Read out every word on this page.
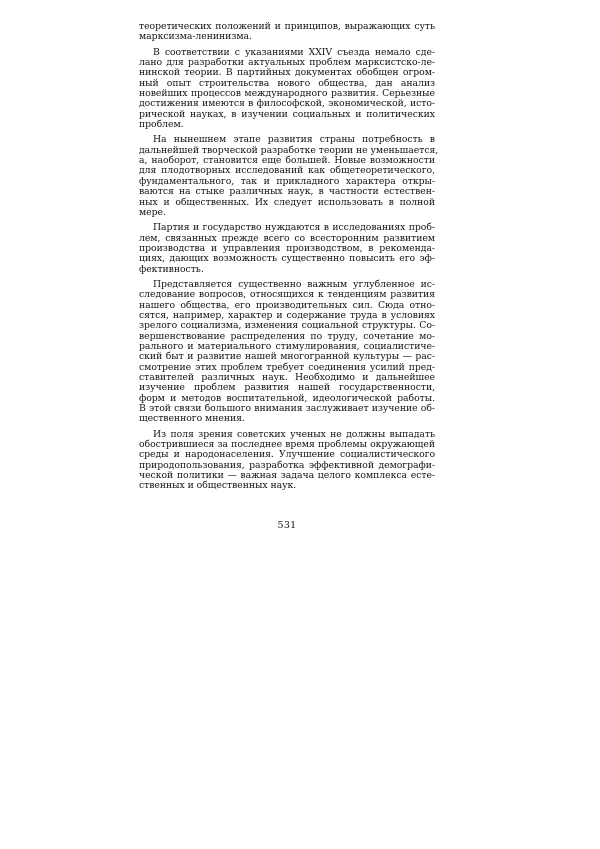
теоретических положений и принципов, выражающих суть
марксизма-ленинизма.
В соответствии с указаниями XXIV съезда немало сде-
лано для разработки актуальных проблем марксистско-ле-
нинской теории. В партийных документах обобщен огром-
ный опыт строительства нового общества, дан анализ
новейших процессов международного развития. Серьезные
достижения имеются в философской, экономической, исто-
рической науках, в изучении социальных и политических
проблем.
На нынешнем этапе развития страны потребность в
дальнейшей творческой разработке теории не уменьшается,
а, наоборот, становится еще большей. Новые возможности
для плодотворных исследований как общетеоретического,
фундаментального, так и прикладного характера откры-
ваются на стыке различных наук, в частности естествен-
ных и общественных. Их следует использовать в полной
мере.
Партия и государство нуждаются в исследованиях проб-
лем, связанных прежде всего со всесторонним развитием
производства и управления производством, в рекоменда-
циях, дающих возможность существенно повысить его эф-
фективность.
Представляется существенно важным углубленное ис-
следование вопросов, относящихся к тенденциям развития
нашего общества, его производительных сил. Сюда отно-
сятся, например, характер и содержание труда в условиях
зрелого социализма, изменения социальной структуры. Со-
вершенствование распределения по труду, сочетание мо-
рального и материального стимулирования, социалистиче-
ский быт и развитие нашей многогранной культуры — рас-
смотрение этих проблем требует соединения усилий пред-
ставителей различных наук. Необходимо и дальнейшее
изучение проблем развития нашей государственности,
форм и методов воспитательной, идеологической работы.
В этой связи большого внимания заслуживает изучение об-
щественного мнения.
Из поля зрения советских ученых не должны выпадать
обострившиеся за последнее время проблемы окружающей
среды и народонаселения. Улучшение социалистического
природопользования, разработка эффективной демографи-
ческой политики — важная задача целого комплекса есте-
ственных и общественных наук.
531
